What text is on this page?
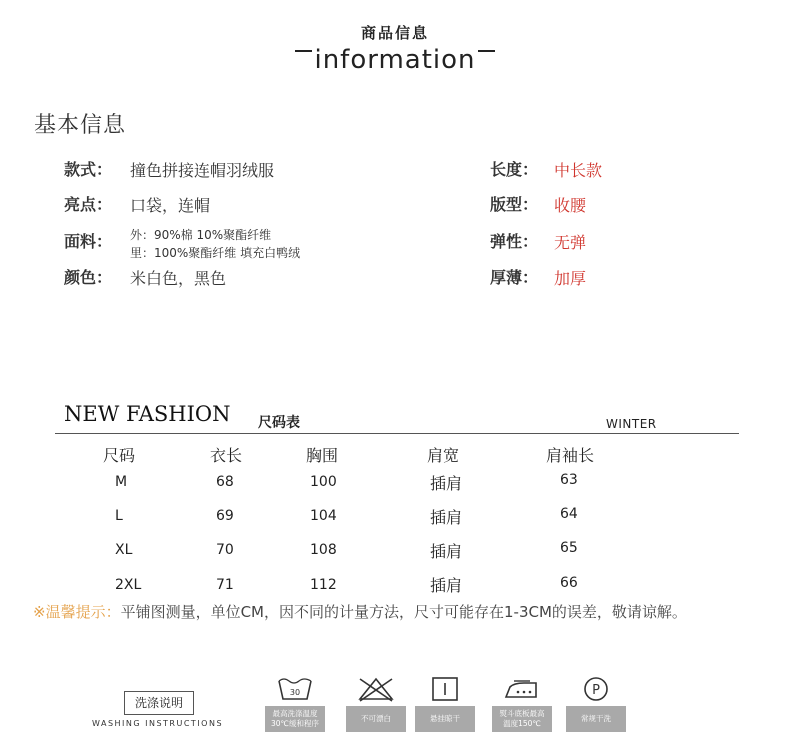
商品信息
information
基本信息
款式： 撞色拼接连帽羽绒服
亮点： 口袋，连帽
面料： 外：90%棉 10%聚酯纤维
里：100%聚酯纤维 填充白鸭绒
颜色： 米白色，黑色
长度： 中长款
版型： 收腰
弹性： 无弹
厚薄： 加厚
NEW FASHION 尺码表	WINTER
尺码	衣长	胸围	肩宽	肩袖长
M	68	100	插肩	63
L	69	104	插肩	64
XL	70	108	插肩	65
2XL	71	112	插肩	66
※温馨提示：平铺图测量，单位CM，因不同的计量方法，尺寸可能存在1-3CM的误差，敬请谅解。
洗涤说明
WASHING INSTRUCTIONS
30
最高洗涤温度
30℃缓和程序
不可漂白	悬挂晾干
熨斗底板最高
温度150℃
P
常规干洗
